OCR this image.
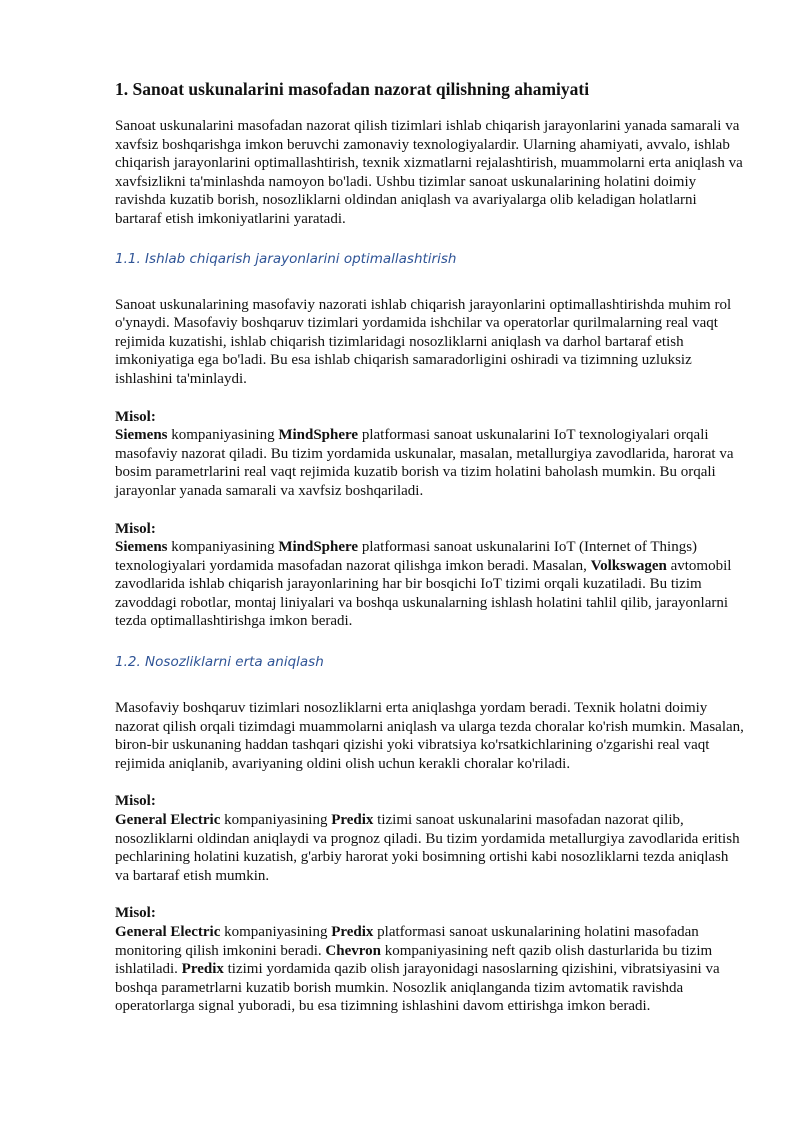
1. Sanoat uskunalarini masofadan nazorat qilishning ahamiyati

Sanoat uskunalarini masofadan nazorat qilish tizimlari ishlab chiqarish jarayonlarini yanada samarali va xavfsiz boshqarishga imkon beruvchi zamonaviy texnologiyalardir. Ularning ahamiyati, avvalo, ishlab chiqarish jarayonlarini optimallashtirish, texnik xizmatlarni rejalashtirish, muammolarni erta aniqlash va xavfsizlikni ta'minlashda namoyon bo'ladi. Ushbu tizimlar sanoat uskunalarining holatini doimiy ravishda kuzatib borish, nosozliklarni oldindan aniqlash va avariyalarga olib keladigan holatlarni bartaraf etish imkoniyatlarini yaratadi.

1.1. Ishlab chiqarish jarayonlarini optimallashtirish

Sanoat uskunalarining masofaviy nazorati ishlab chiqarish jarayonlarini optimallashtirishda muhim rol o'ynaydi. Masofaviy boshqaruv tizimlari yordamida ishchilar va operatorlar qurilmalarning real vaqt rejimida kuzatishi, ishlab chiqarish tizimlaridagi nosozliklarni aniqlash va darhol bartaraf etish imkoniyatiga ega bo'ladi. Bu esa ishlab chiqarish samaradorligini oshiradi va tizimning uzluksiz ishlashini ta'minlaydi.

Misol:
Siemens kompaniyasining MindSphere platformasi sanoat uskunalarini IoT texnologiyalari orqali masofaviy nazorat qiladi. Bu tizim yordamida uskunalar, masalan, metallurgiya zavodlarida, harorat va bosim parametrlarini real vaqt rejimida kuzatib borish va tizim holatini baholash mumkin. Bu orqali jarayonlar yanada samarali va xavfsiz boshqariladi.

Misol:
Siemens kompaniyasining MindSphere platformasi sanoat uskunalarini IoT (Internet of Things) texnologiyalari yordamida masofadan nazorat qilishga imkon beradi. Masalan, Volkswagen avtomobil zavodlarida ishlab chiqarish jarayonlarining har bir bosqichi IoT tizimi orqali kuzatiladi. Bu tizim zavoddagi robotlar, montaj liniyalari va boshqa uskunalarning ishlash holatini tahlil qilib, jarayonlarni tezda optimallashtirishga imkon beradi.

1.2. Nosozliklarni erta aniqlash

Masofaviy boshqaruv tizimlari nosozliklarni erta aniqlashga yordam beradi. Texnik holatni doimiy nazorat qilish orqali tizimdagi muammolarni aniqlash va ularga tezda choralar ko'rish mumkin. Masalan, biron-bir uskunaning haddan tashqari qizishi yoki vibratsiya ko'rsatkichlarining o'zgarishi real vaqt rejimida aniqlanib, avariyaning oldini olish uchun kerakli choralar ko'riladi.

Misol:
General Electric kompaniyasining Predix tizimi sanoat uskunalarini masofadan nazorat qilib, nosozliklarni oldindan aniqlaydi va prognoz qiladi. Bu tizim yordamida metallurgiya zavodlarida eritish pechlarining holatini kuzatish, g'arbiy harorat yoki bosimning ortishi kabi nosozliklarni tezda aniqlash va bartaraf etish mumkin.

Misol:
General Electric kompaniyasining Predix platformasi sanoat uskunalarining holatini masofadan monitoring qilish imkonini beradi. Chevron kompaniyasining neft qazib olish dasturlarida bu tizim ishlatiladi. Predix tizimi yordamida qazib olish jarayonidagi nasoslarning qizishini, vibratsiyasini va boshqa parametrlarni kuzatib borish mumkin. Nosozlik aniqlanganda tizim avtomatik ravishda operatorlarga signal yuboradi, bu esa tizimning ishlashini davom ettirishga imkon beradi.
